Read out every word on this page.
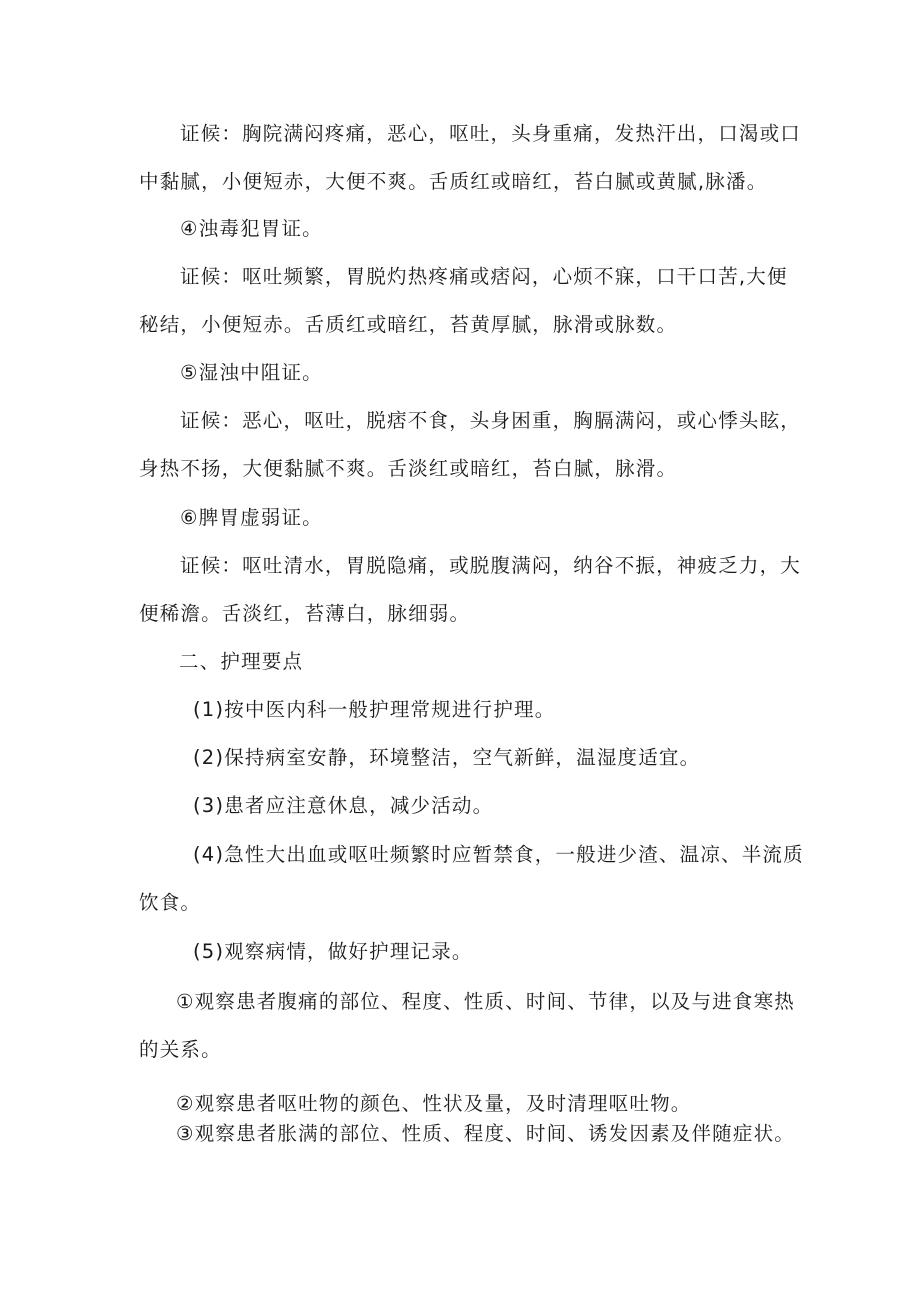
证候：胸院满闷疼痛，恶心，呕吐，头身重痛，发热汗出，口渴或口
中黏腻，小便短赤，大便不爽。舌质红或暗红，苔白腻或黄腻,脉潘。
④浊毒犯胃证。
证候：呕吐频繁，胃脱灼热疼痛或痞闷，心烦不寐，口干口苦,大便
秘结，小便短赤。舌质红或暗红，苔黄厚腻，脉滑或脉数。
⑤湿浊中阻证。
证候：恶心，呕吐，脱痞不食，头身困重，胸膈满闷，或心悸头眩，
身热不扬，大便黏腻不爽。舌淡红或暗红，苔白腻，脉滑。
⑥脾胃虚弱证。
证候：呕吐清水，胃脱隐痛，或脱腹满闷，纳谷不振，神疲乏力，大
便稀澹。舌淡红，苔薄白，脉细弱。
二、护理要点
(1)按中医内科一般护理常规进行护理。
(2)保持病室安静，环境整洁，空气新鲜，温湿度适宜。
(3)患者应注意休息，减少活动。
(4)急性大出血或呕吐频繁时应暂禁食，一般进少渣、温凉、半流质
饮食。
(5)观察病情，做好护理记录。
①观察患者腹痛的部位、程度、性质、时间、节律，以及与进食寒热
的关系。
②观察患者呕吐物的颜色、性状及量，及时清理呕吐物。
③观察患者胀满的部位、性质、程度、时间、诱发因素及伴随症状。
